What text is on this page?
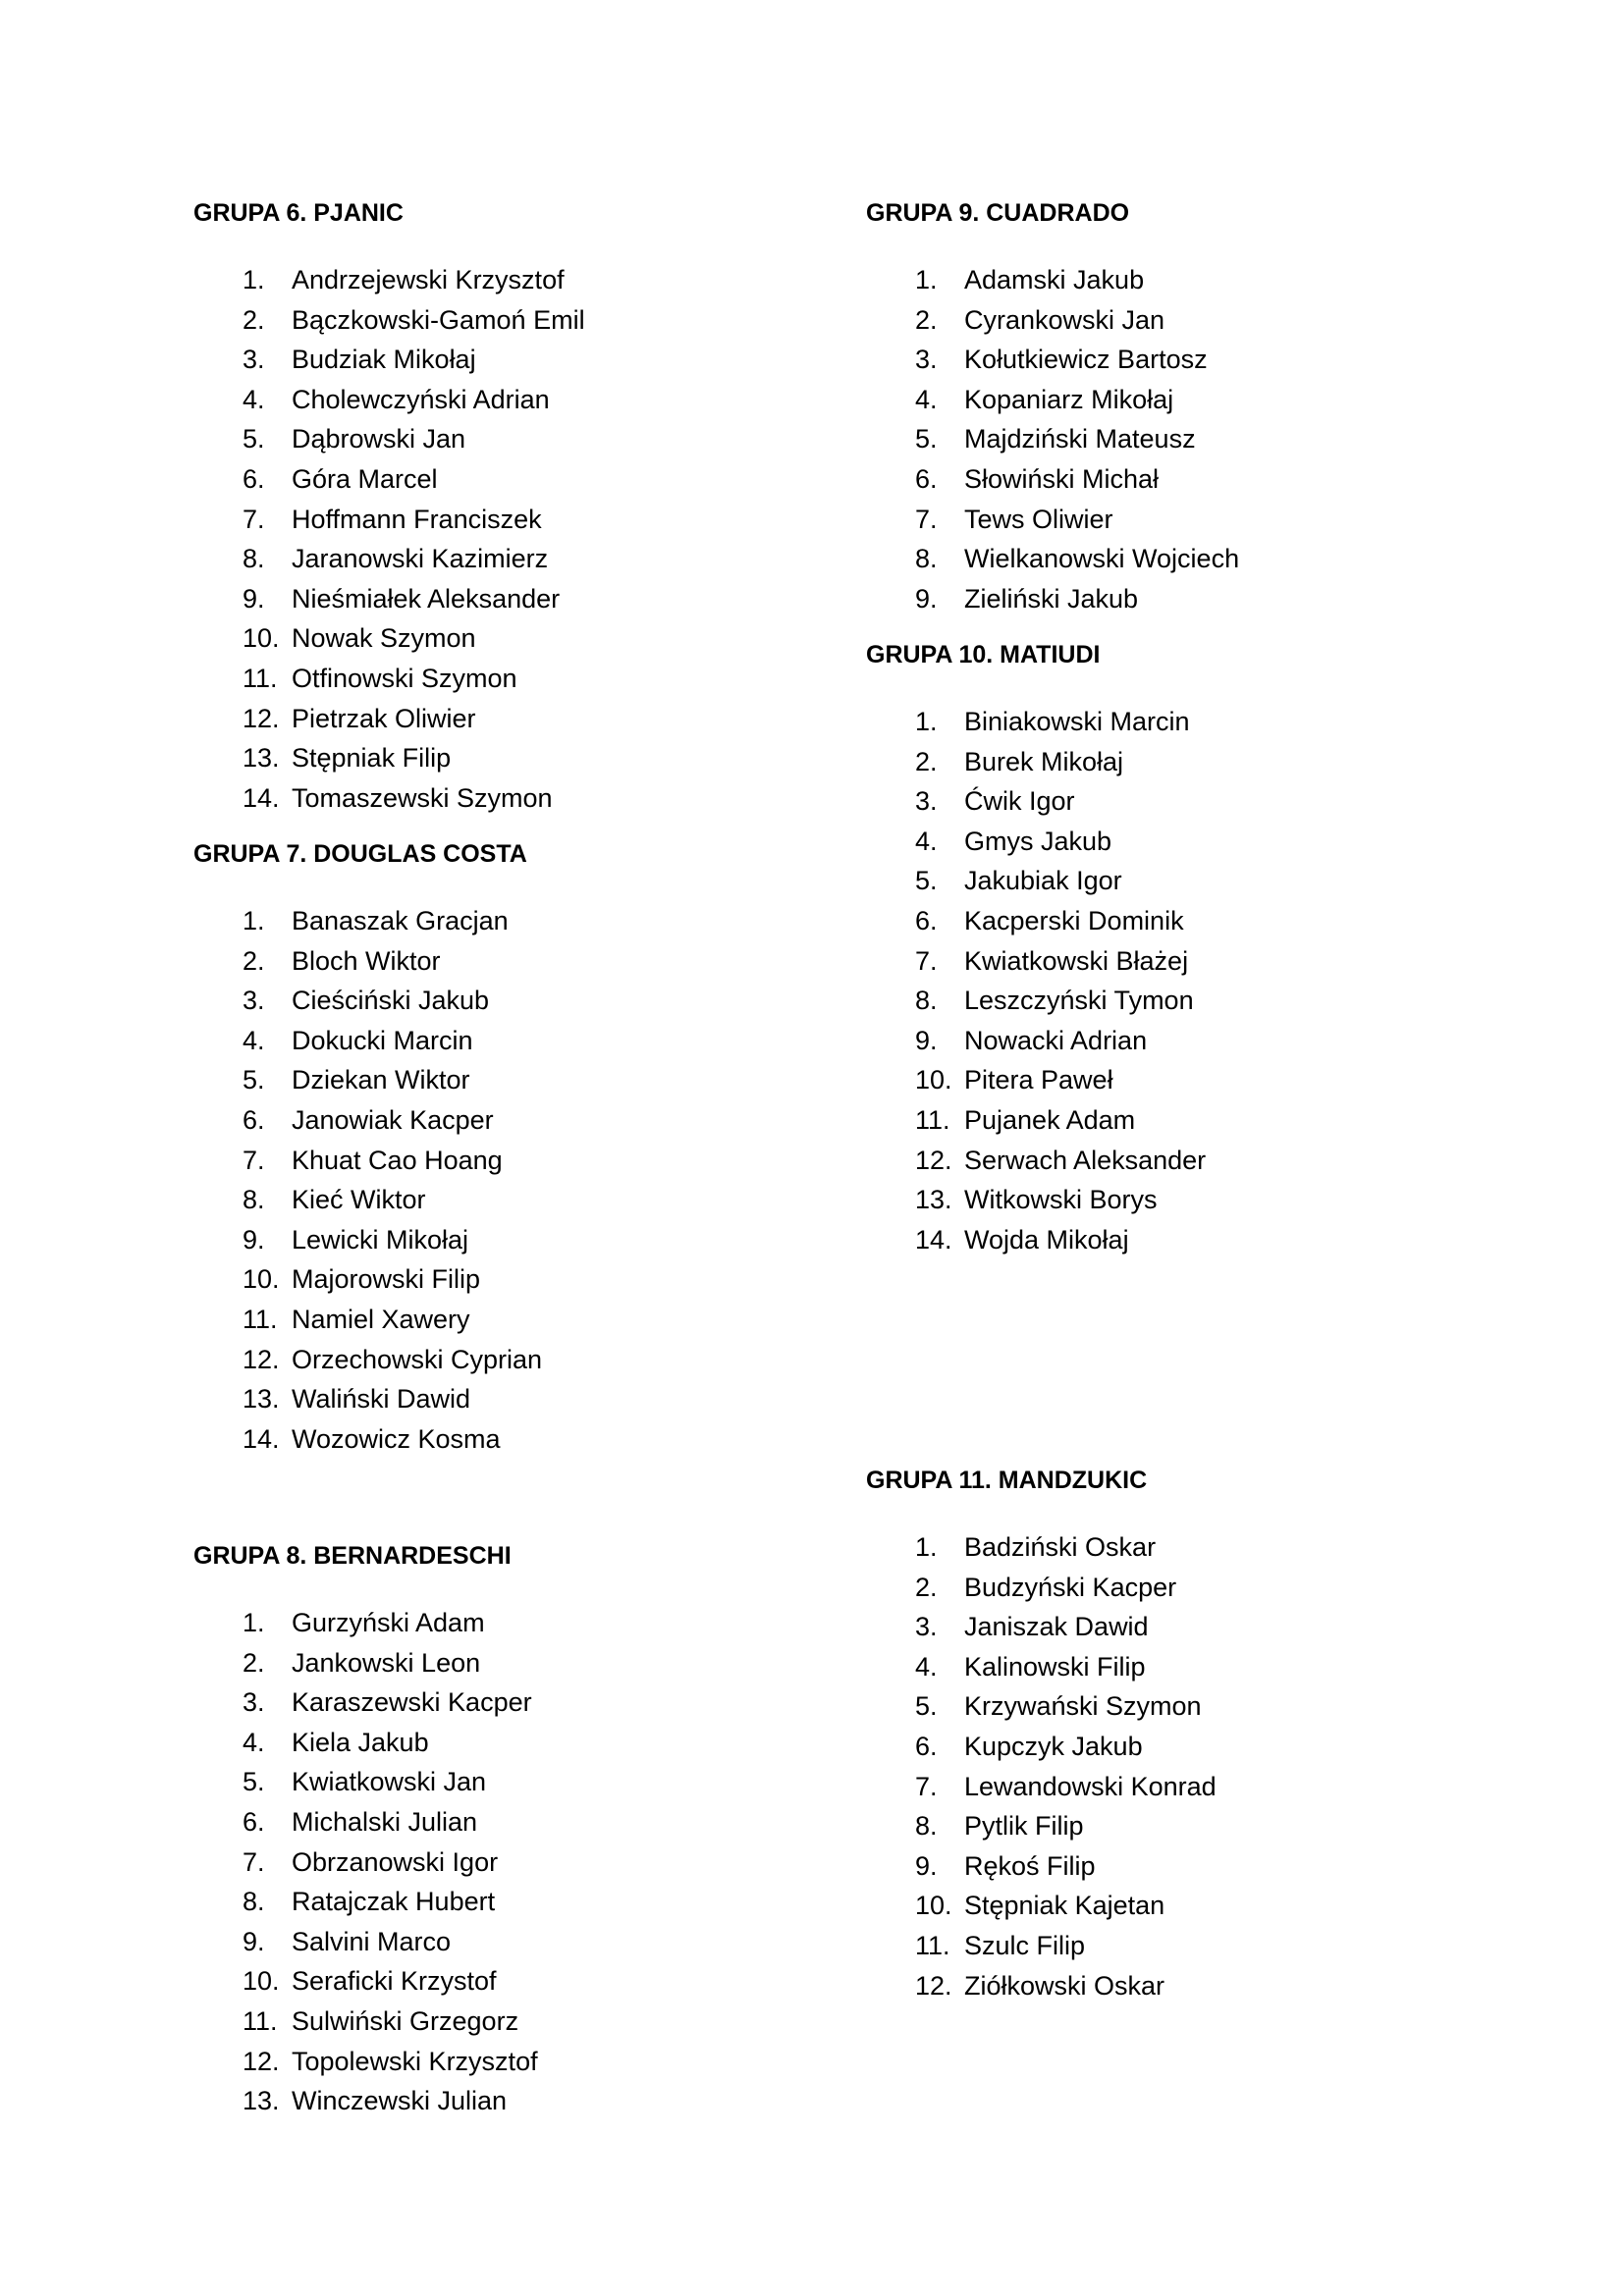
GRUPA 6. PJANIC
1. Andrzejewski Krzysztof
2. Bączkowski-Gamoń Emil
3. Budziak Mikołaj
4. Cholewczyński Adrian
5. Dąbrowski Jan
6. Góra Marcel
7. Hoffmann Franciszek
8. Jaranowski Kazimierz
9. Nieśmiałek Aleksander
10. Nowak Szymon
11. Otfinowski Szymon
12. Pietrzak Oliwier
13. Stępniak Filip
14. Tomaszewski Szymon
GRUPA 7. DOUGLAS COSTA
1. Banaszak Gracjan
2. Bloch Wiktor
3. Cieściński Jakub
4. Dokucki Marcin
5. Dziekan Wiktor
6. Janowiak Kacper
7. Khuat Cao Hoang
8. Kieć Wiktor
9. Lewicki Mikołaj
10. Majorowski Filip
11. Namiel Xawery
12. Orzechowski Cyprian
13. Waliński Dawid
14. Wozowicz Kosma
GRUPA 8. BERNARDESCHI
1. Gurzyński Adam
2. Jankowski Leon
3. Karaszewski Kacper
4. Kiela Jakub
5. Kwiatkowski Jan
6. Michalski Julian
7. Obrzanowski Igor
8. Ratajczak Hubert
9. Salvini Marco
10. Seraficki Krzystof
11. Sulwiński Grzegorz
12. Topolewski Krzysztof
13. Winczewski Julian
GRUPA 9. CUADRADO
1. Adamski Jakub
2. Cyrankowski Jan
3. Kołutkiewicz Bartosz
4. Kopaniarz Mikołaj
5. Majdziński Mateusz
6. Słowiński Michał
7. Tews Oliwier
8. Wielkanowski Wojciech
9. Zieliński Jakub
GRUPA 10. MATIUDI
1. Biniakowski Marcin
2. Burek Mikołaj
3. Ćwik Igor
4. Gmys Jakub
5. Jakubiak Igor
6. Kacperski Dominik
7. Kwiatkowski Błażej
8. Leszczyński Tymon
9. Nowacki Adrian
10. Pitera Paweł
11. Pujanek Adam
12. Serwach Aleksander
13. Witkowski Borys
14. Wojda Mikołaj
GRUPA 11. MANDZUKIC
1. Badziński Oskar
2. Budzyński Kacper
3. Janiszak Dawid
4. Kalinowski Filip
5. Krzywański Szymon
6. Kupczyk Jakub
7. Lewandowski Konrad
8. Pytlik Filip
9. Rękoś Filip
10. Stępniak Kajetan
11. Szulc Filip
12. Ziółkowski Oskar
